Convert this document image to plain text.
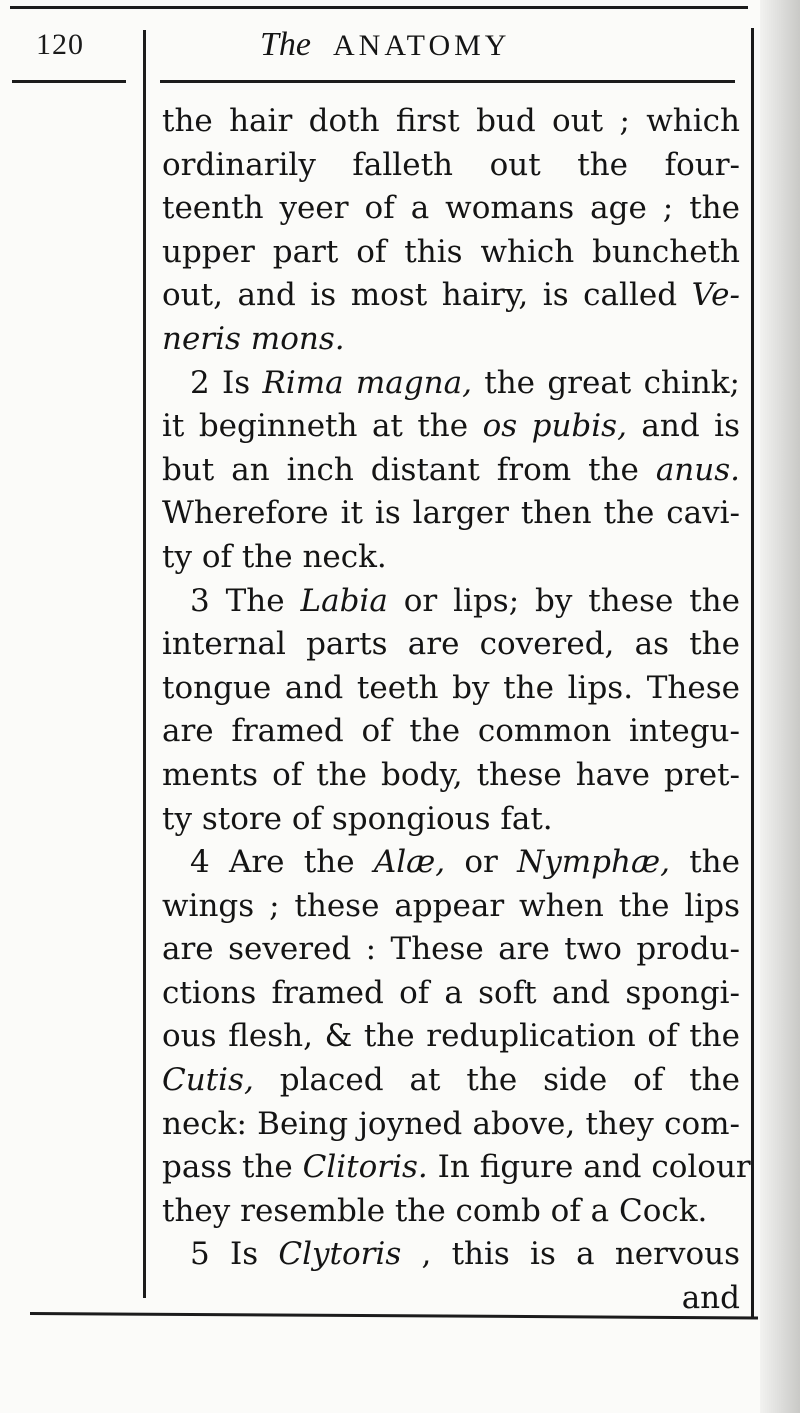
120	The ANATOMY
the hair doth first bud out ; which
ordinarily falleth out the four-
teenth yeer of a womans age ; the
upper part of this which buncheth
out, and is most hairy, is called Ve-
neris mons.
2 Is Rima magna, the great chink;
it beginneth at the os pubis, and is
but an inch distant from the anus.
Wherefore it is larger then the cavi-
ty of the neck.
3 The Labia or lips; by these the
internal parts are covered, as the
tongue and teeth by the lips. These
are framed of the common integu-
ments of the body, these have pret-
ty store of spongious fat.
4 Are the Alæ, or Nymphæ, the
wings ; these appear when the lips
are severed : These are two produ-
ctions framed of a soft and spongi-
ous flesh, & the reduplication of the
Cutis, placed at the side of the
neck: Being joyned above, they com-
pass the Clitoris. In figure and colour
they resemble the comb of a Cock.
5 Is Clytoris , this is a nervous
and
